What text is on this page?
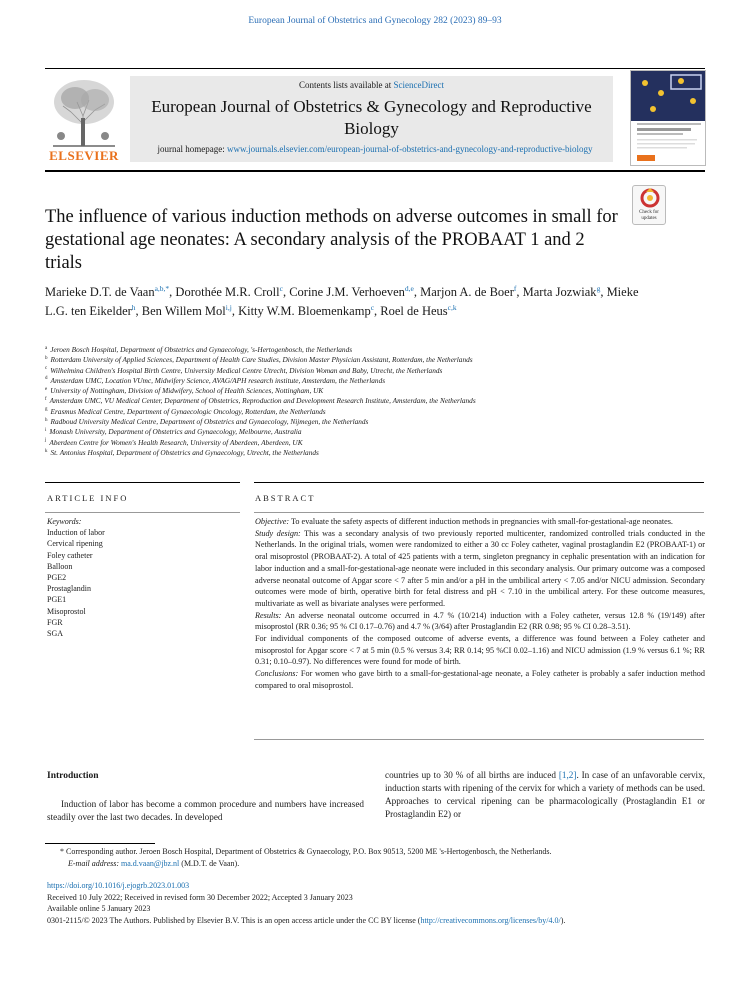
European Journal of Obstetrics and Gynecology 282 (2023) 89–93
ELSEVIER
Contents lists available at ScienceDirect
European Journal of Obstetrics & Gynecology and Reproductive Biology
journal homepage: www.journals.elsevier.com/european-journal-of-obstetrics-and-gynecology-and-reproductive-biology
Check for updates
The influence of various induction methods on adverse outcomes in small for gestational age neonates: A secondary analysis of the PROBAAT 1 and 2 trials
Marieke D.T. de Vaan$^{a,b,*}$, Dorothée M.R. Croll$^c$, Corine J.M. Verhoeven$^{d,e}$, Marjon A. de Boer$^f$, Marta Jozwiak$^g$, Mieke L.G. ten Eikelder$^h$, Ben Willem Mol$^{i,j}$, Kitty W.M. Bloemenkamp$^c$, Roel de Heus$^{c,k}$
$^a$ Jeroen Bosch Hospital, Department of Obstetrics and Gynaecology, 's-Hertogenbosch, the Netherlands
$^b$ Rotterdam University of Applied Sciences, Department of Health Care Studies, Division Master Physician Assistant, Rotterdam, the Netherlands
$^c$ Wilhelmina Children's Hospital Birth Centre, University Medical Centre Utrecht, Division Woman and Baby, Utrecht, the Netherlands
$^d$ Amsterdam UMC, Location VUmc, Midwifery Science, AVAG/APH research institute, Amsterdam, the Netherlands
$^e$ University of Nottingham, Division of Midwifery, School of Health Sciences, Nottingham, UK
$^f$ Amsterdam UMC, VU Medical Center, Department of Obstetrics, Reproduction and Development Research Institute, Amsterdam, the Netherlands
$^g$ Erasmus Medical Centre, Department of Gynaecologic Oncology, Rotterdam, the Netherlands
$^h$ Radboud University Medical Centre, Department of Obstetrics and Gynaecology, Nijmegen, the Netherlands
$^i$ Monash University, Department of Obstetrics and Gynaecology, Melbourne, Australia
$^j$ Aberdeen Centre for Women's Health Research, University of Aberdeen, Aberdeen, UK
$^k$ St. Antonius Hospital, Department of Obstetrics and Gynaecology, Utrecht, the Netherlands
ARTICLE INFO	ABSTRACT
Keywords:
Induction of labor
Cervical ripening
Foley catheter
Balloon
PGE2
Prostaglandin
PGE1
Misoprostol
FGR
SGA

Objective: To evaluate the safety aspects of different induction methods in pregnancies with small-for-gestational-age neonates.

Study design: This was a secondary analysis of two previously reported multicenter, randomized controlled trials conducted in the Netherlands. In the original trials, women were randomized to either a 30 cc Foley catheter, vaginal prostaglandin E2 (PROBAAT-1) or oral misoprostol (PROBAAT-2). A total of 425 patients with a term, singleton pregnancy in cephalic presentation with an indication for labor induction and a small-for-gestational-age neonate were included in this secondary analysis. Our primary outcome was a composed adverse neonatal outcome of Apgar score < 7 after 5 min and/or a pH in the umbilical artery < 7.05 and/or NICU admission. Secondary outcomes were mode of birth, operative birth for fetal distress and pH < 7.10 in the umbilical artery. For these outcome measures, multivariate as well as bivariate analyses were performed.

Results: An adverse neonatal outcome occurred in 4.7 % (10/214) induction with a Foley catheter, versus 12.8 % (19/149) after misoprostol (RR 0.36; 95 % CI 0.17–0.76) and 4.7 % (3/64) after Prostaglandin E2 (RR 0.98; 95 % CI 0.28–3.51).

For individual components of the composed outcome of adverse events, a difference was found between a Foley catheter and misoprostol for Apgar score < 7 at 5 min (0.5 % versus 3.4; RR 0.14; 95 %CI 0.02–1.16) and NICU admission (1.9 % versus 6.1 %; RR 0.31; 0.10–0.97). No differences were found for mode of birth.

Conclusions: For women who gave birth to a small-for-gestational-age neonate, a Foley catheter is probably a safer induction method compared to oral misoprostol.

Introduction
Induction of labor has become a common procedure and numbers have increased steadily over the last two decades. In developed
countries up to 30 % of all births are induced [1,2]. In case of an unfavorable cervix, induction starts with ripening of the cervix for which a variety of methods can be used. Approaches to cervical ripening can be pharmacologically (Prostaglandin E1 or Prostaglandin E2) or
* Corresponding author. Jeroen Bosch Hospital, Department of Obstetrics & Gynaecology, P.O. Box 90513, 5200 ME 's-Hertogenbosch, the Netherlands.
E-mail address: ma.d.vaan@jbz.nl (M.D.T. de Vaan).
https://doi.org/10.1016/j.ejogrb.2023.01.003
Received 10 July 2022; Received in revised form 30 December 2022; Accepted 3 January 2023
Available online 5 January 2023
0301-2115/© 2023 The Authors. Published by Elsevier B.V. This is an open access article under the CC BY license (http://creativecommons.org/licenses/by/4.0/).
